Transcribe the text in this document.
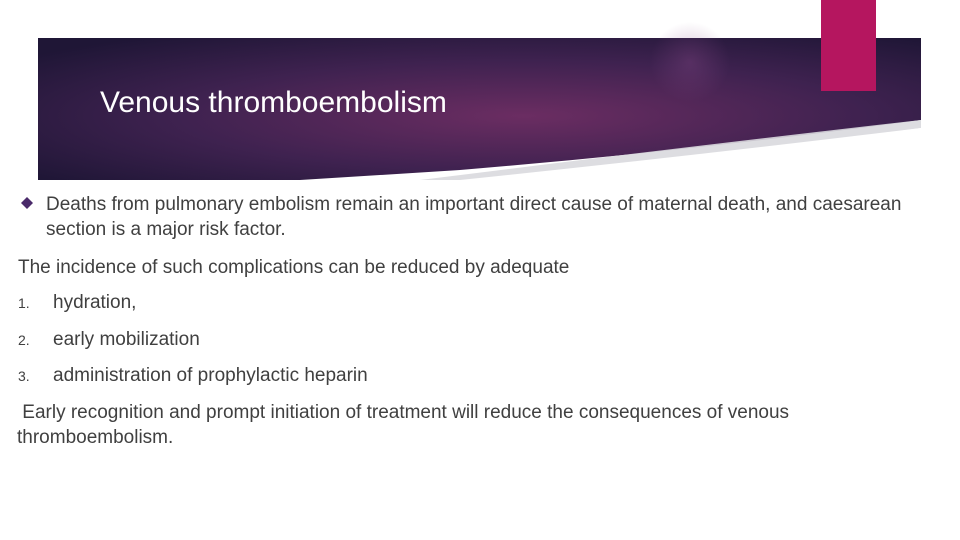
Venous thromboembolism
Deaths from pulmonary embolism remain an important direct cause of maternal death, and caesarean section is a major risk factor.
The incidence of such complications can be reduced by adequate
1. hydration,
2. early mobilization
3. administration of prophylactic heparin
Early recognition and prompt initiation of treatment will reduce the consequences of venous thromboembolism.
